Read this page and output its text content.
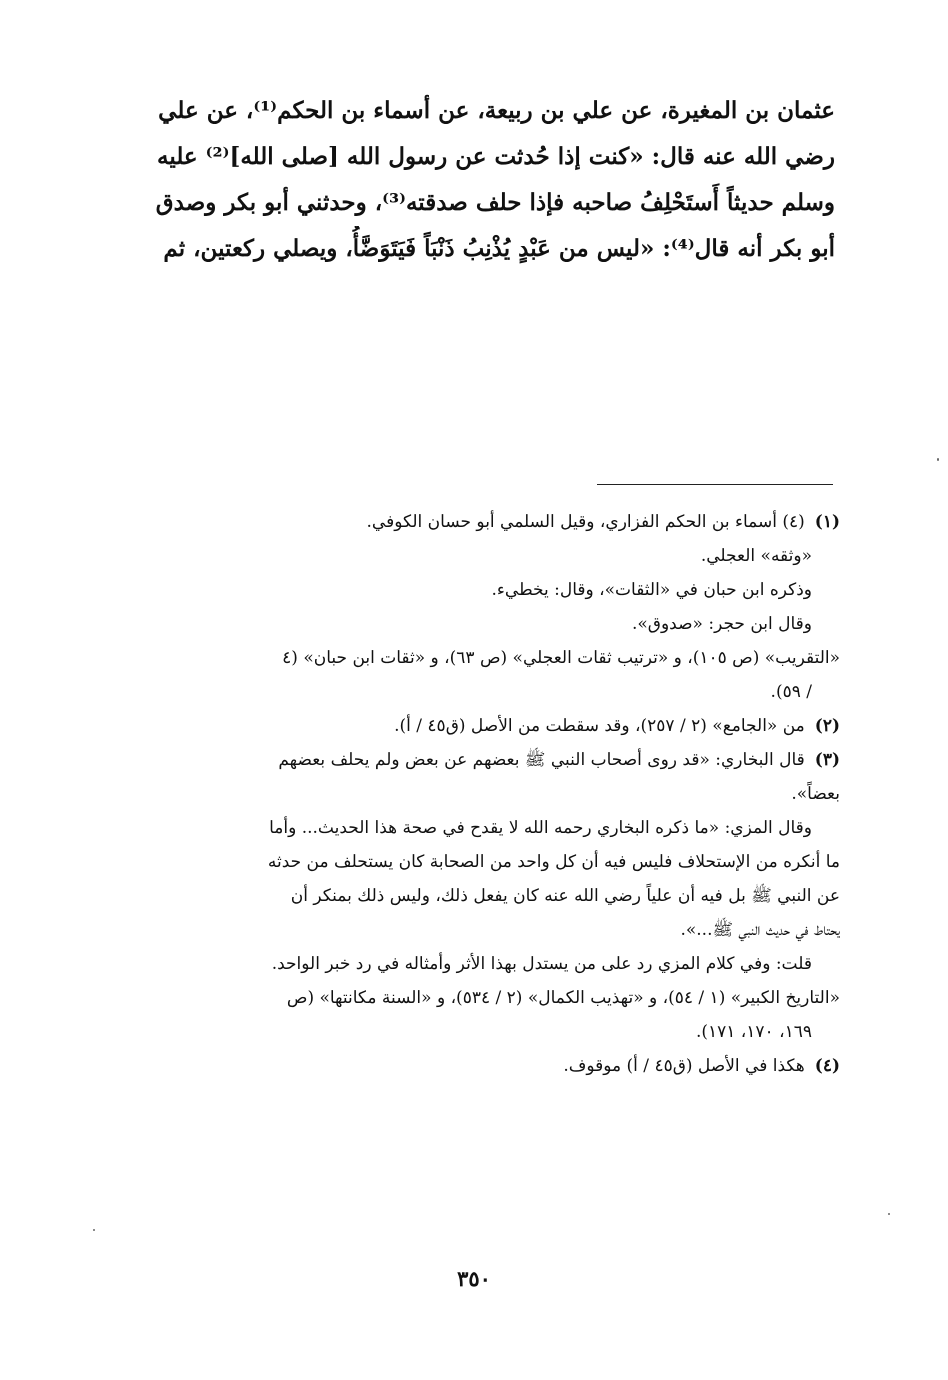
عثمان بن المغيرة، عن علي بن ربيعة، عن أسماء بن الحكم⁽¹⁾، عن علي
رضي الله عنه قال: «كنت إذا حُدثت عن رسول الله [صلى الله]⁽²⁾ عليه
وسلم حديثاً أَستَحْلِفُ صاحبه فإذا حلف صدقته⁽³⁾، وحدثني أبو بكر وصدق
أبو بكر أنه قال⁽⁴⁾: «ليس من عَبْدٍ يُذْنِبُ ذَنْبَاً فَيَتَوَضَّأُ، ويصلي ركعتين، ثم
(١)(٤) أسماء بن الحكم الفزاري، وقيل السلمي أبو حسان الكوفي.
«وثقه» العجلي.
وذكره ابن حبان في «الثقات»، وقال: يخطيء.
وقال ابن حجر: «صدوق».
«التقريب» (ص ١٠٥)، و «ترتيب ثقات العجلي» (ص ٦٣)، و «ثقات ابن حبان» (٤
/ ٥٩).
(٢)من «الجامع» (٢ / ٢٥٧)، وقد سقطت من الأصل (ق٤٥ / أ).
(٣)قال البخاري: «قد روى أصحاب النبي ﷺ بعضهم عن بعض ولم يحلف بعضهم
بعضاً».
وقال المزي: «ما ذكره البخاري رحمه الله لا يقدح في صحة هذا الحديث... وأما
ما أنكره من الإستحلاف فليس فيه أن كل واحد من الصحابة كان يستحلف من حدثه
عن النبي ﷺ بل فيه أن علياً رضي الله عنه كان يفعل ذلك، وليس ذلك بمنكر أن
يحتاط في حديث النبي ﷺ...».
قلت: وفي كلام المزي رد على من يستدل بهذا الأثر وأمثاله في رد خبر الواحد.
«التاريخ الكبير» (١ / ٥٤)، و «تهذيب الكمال» (٢ / ٥٣٤)، و «السنة مكانتها» (ص
١٦٩، ١٧٠، ١٧١).
(٤)هكذا في الأصل (ق٤٥ / أ) موقوف.
٣٥٠
